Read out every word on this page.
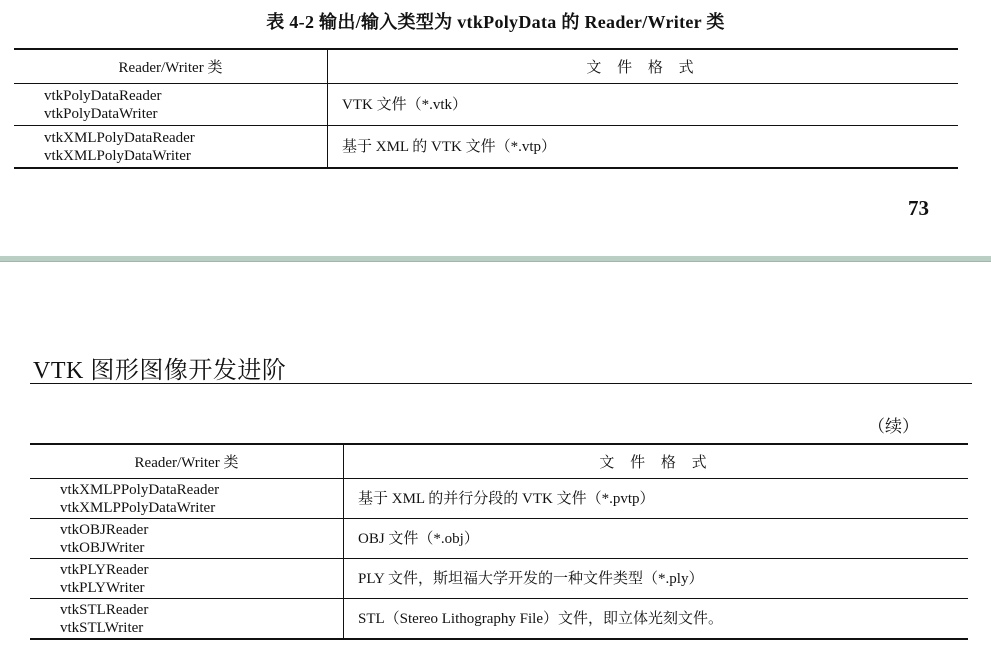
表 4-2 输出/输入类型为 vtkPolyData 的 Reader/Writer 类
Reader/Writer 类	文 件 格 式

vtkPolyDataReader
vtkPolyDataWriter	VTK 文件（*.vtk）

vtkXMLPolyDataReader
vtkXMLPolyDataWriter	基于 XML 的 VTK 文件（*.vtp）
73
VTK 图形图像开发进阶
（续）
Reader/Writer 类	文 件 格 式

vtkXMLPPolyDataReader
vtkXMLPPolyDataWriter	基于 XML 的并行分段的 VTK 文件（*.pvtp）

vtkOBJReader
vtkOBJWriter	OBJ 文件（*.obj）

vtkPLYReader
vtkPLYWriter	PLY 文件，斯坦福大学开发的一种文件类型（*.ply）

vtkSTLReader
vtkSTLWriter	STL（Stereo Lithography File）文件，即立体光刻文件。
